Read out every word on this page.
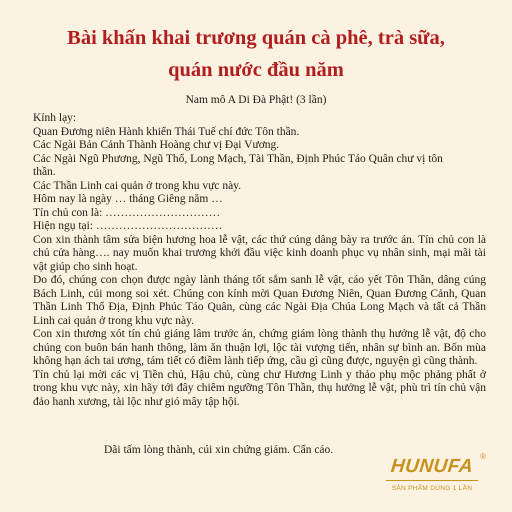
Bài khấn khai trương quán cà phê, trà sữa,
quán nước đầu năm
Nam mô A Di Đà Phật! (3 lần)
Kính lạy:
Quan Đương niên Hành khiển Thái Tuế chí đức Tôn thần.
Các Ngài Bản Cảnh Thành Hoàng chư vị Đại Vương.
Các Ngài Ngũ Phương, Ngũ Thổ, Long Mạch, Tài Thần, Định Phúc Táo Quân chư vị tôn
thần.
Các Thần Linh cai quản ở trong khu vực này.
Hôm nay là ngày … tháng Giêng năm …
Tín chủ con là: …………………………
Hiện ngụ tại: ……………………………
Con xin thành tâm sửa biện hương hoa lễ vật, các thứ cúng dâng bày ra trước án. Tín chủ con là chủ cửa hàng…. nay muốn khai trương khởi đầu việc kinh doanh phục vụ nhân sinh, mại mãi tài vật giúp cho sinh hoạt.
Do đó, chúng con chọn được ngày lành tháng tốt sắm sanh lễ vật, cáo yết Tôn Thần, dâng cúng Bách Linh, cúi mong soi xét. Chúng con kính mời Quan Đương Niên, Quan Đương Cảnh, Quan Thần Linh Thổ Địa, Định Phúc Táo Quân, cùng các Ngài Địa Chúa Long Mạch và tất cả Thần Linh cai quản ở trong khu vực này.
Con xin thương xót tín chủ giáng lâm trước án, chứng giám lòng thành thụ hưởng lễ vật, độ cho chúng con buôn bán hanh thông, làm ăn thuận lợi, lộc tài vượng tiến, nhân sự bình an. Bốn mùa không hạn ách tai ương, tám tiết có điềm lành tiếp ứng, cầu gì cũng được, nguyện gì cũng thành.
Tín chủ lại mời các vị Tiền chủ, Hậu chủ, cùng chư Hương Linh y thảo phụ mộc phảng phất ở trong khu vực này, xin hãy tới đây chiêm ngưỡng Tôn Thần, thụ hưởng lễ vật, phù trì tín chủ vận đảo hanh xương, tài lộc như gió mây tập hội.
Dãi tấm lòng thành, cúi xin chứng giám. Cẩn cáo.
HUNUFA ®
SẢN PHẨM DÙNG 1 LẦN
